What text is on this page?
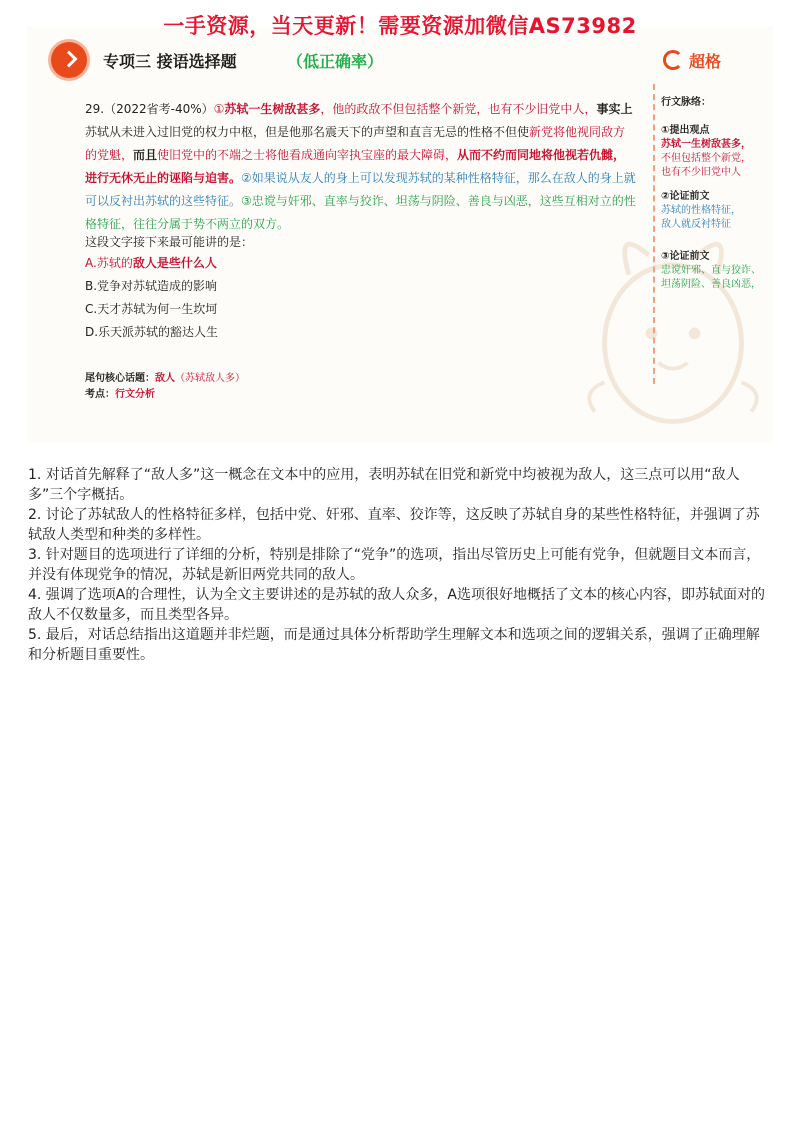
一手资源，当天更新！需要资源加微信AS73982
专项三 接语选择题	（低正确率）	超格
29.（2022省考-40%）①苏轼一生树敌甚多，他的政敌不但包括整个新党，也有不少旧党中人，事实上苏轼从未进入过旧党的权力中枢，但是他那名震天下的声望和直言无忌的性格不但使新党将他视同敌方的党魁，而且使旧党中的不端之士将他看成通向宰执宝座的最大障碍，从而不约而同地将他视若仇雠，进行无休无止的诬陷与迫害。②如果说从友人的身上可以发现苏轼的某种性格特征，那么在敌人的身上就可以反衬出苏轼的这些特征。③忠谠与奸邪、直率与狡诈、坦荡与阴险、善良与凶恶，这些互相对立的性格特征，往往分属于势不两立的双方。
这段文字接下来最可能讲的是：
A.苏轼的敌人是些什么人
B.党争对苏轼造成的影响
C.天才苏轼为何一生坎坷
D.乐天派苏轼的豁达人生
尾句核心话题：敌人（苏轼敌人多）
考点：行文分析
行文脉络：
①提出观点
苏轼一生树敌甚多，
不但包括整个新党，
也有不少旧党中人
②论证前文
苏轼的性格特征，
敌人就反衬特征
③论证前文
忠谠奸邪、直与狡诈、
坦荡阴险、善良凶恶，

1. 对话首先解释了“敌人多”这一概念在文本中的应用，表明苏轼在旧党和新党中均被视为敌人，这三点可以用“敌人多”三个字概括。

2. 讨论了苏轼敌人的性格特征多样，包括中党、奸邪、直率、狡诈等，这反映了苏轼自身的某些性格特征，并强调了苏轼敌人类型和种类的多样性。

3. 针对题目的选项进行了详细的分析，特别是排除了“党争”的选项，指出尽管历史上可能有党争，但就题目文本而言，并没有体现党争的情况，苏轼是新旧两党共同的敌人。

4. 强调了选项A的合理性，认为全文主要讲述的是苏轼的敌人众多，A选项很好地概括了文本的核心内容，即苏轼面对的敌人不仅数量多，而且类型各异。

5. 最后，对话总结指出这道题并非烂题，而是通过具体分析帮助学生理解文本和选项之间的逻辑关系，强调了正确理解和分析题目重要性。
